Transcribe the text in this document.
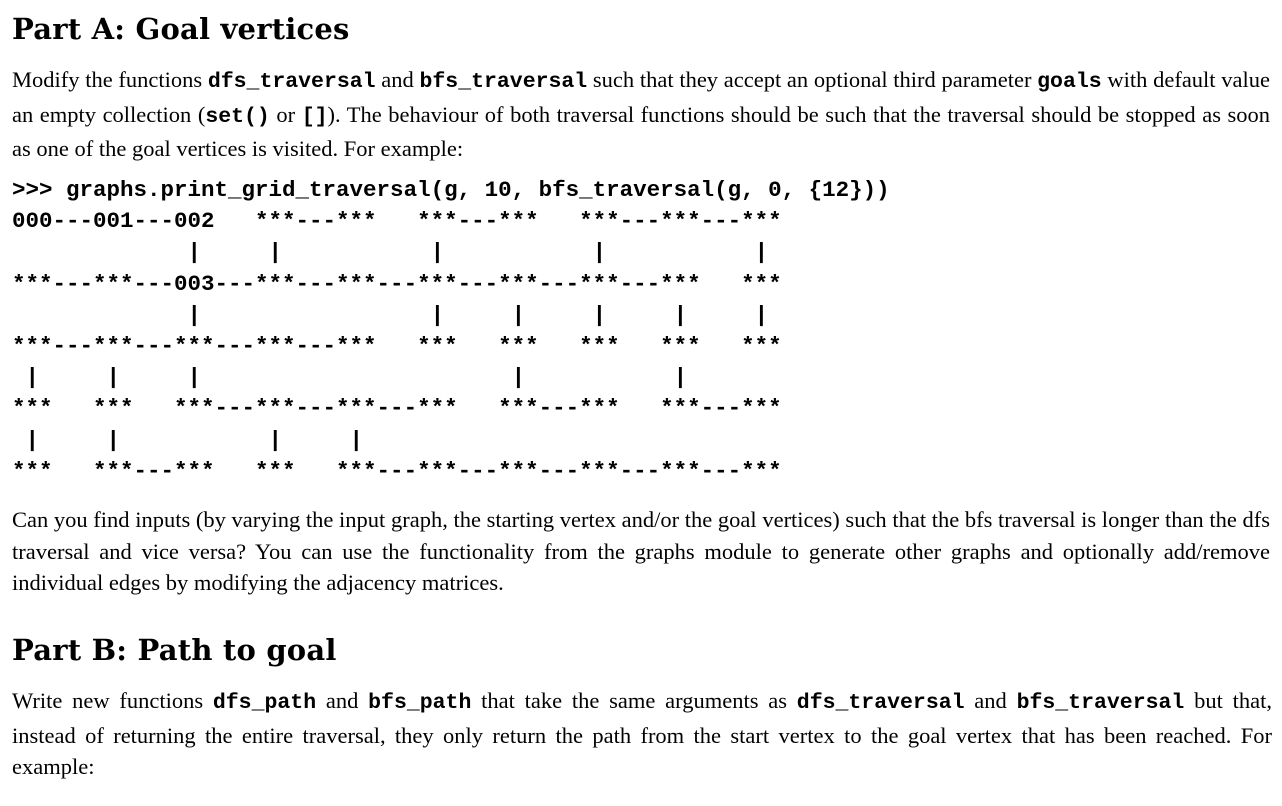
Part A: Goal vertices

Modify the functions dfs_traversal and bfs_traversal such that they accept an optional third parameter goals with default value an empty collection (set() or []). The behaviour of both traversal functions should be such that the traversal should be stopped as soon as one of the goal vertices is visited. For example:

>>> graphs.print_grid_traversal(g, 10, bfs_traversal(g, 0, {12}))
000---001---002   ***---***   ***---***   ***---***---***
|     |           |           |           |
***---***---003---***---***---***---***---***---***   ***
|                 |     |     |     |     |
***---***---***---***---***   ***   ***   ***   ***   ***
|     |     |                       |           |
***   ***   ***---***---***---***   ***---***   ***---***
|     |           |     |
***   ***---***   ***   ***---***---***---***---***---***

Can you find inputs (by varying the input graph, the starting vertex and/or the goal vertices) such that the bfs traversal is longer than the dfs traversal and vice versa? You can use the functionality from the graphs module to generate other graphs and optionally add/remove individual edges by modifying the adjacency matrices.

Part B: Path to goal

Write new functions dfs_path and bfs_path that take the same arguments as dfs_traversal and bfs_traversal but that, instead of returning the entire traversal, they only return the path from the start vertex to the goal vertex that has been reached. For example:
